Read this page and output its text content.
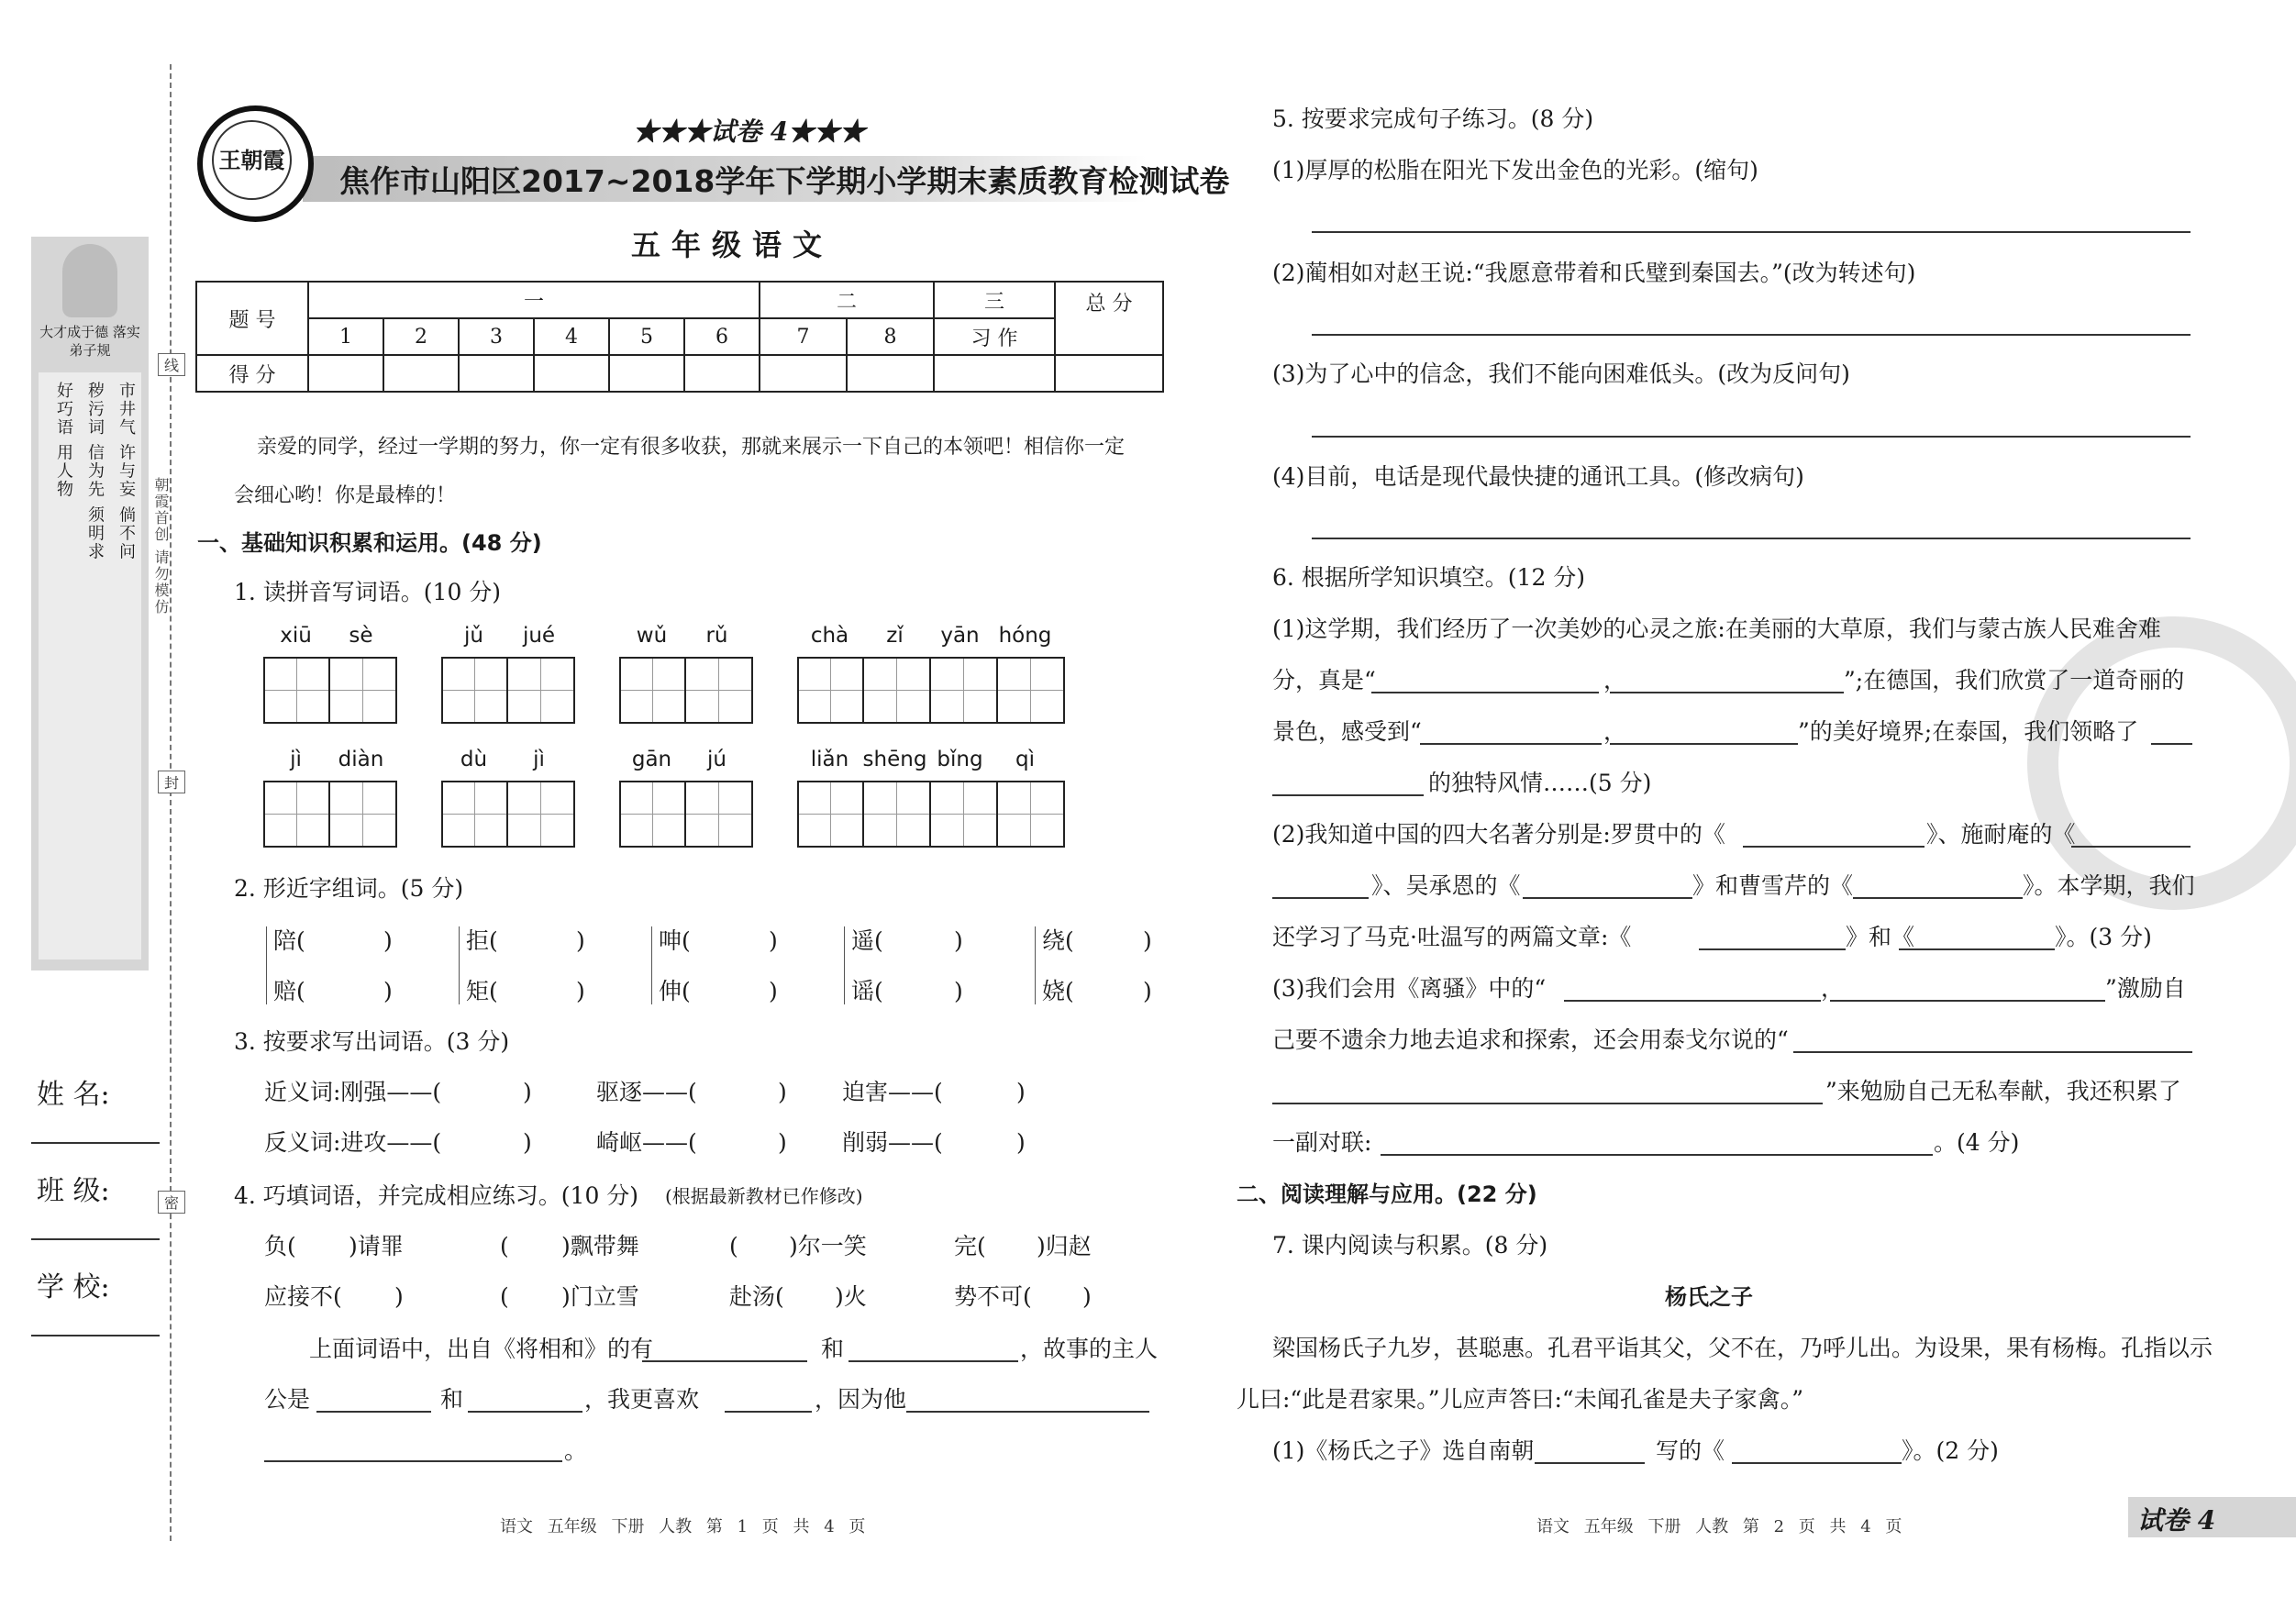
大才成于德 落实弟子规
好巧语 用人物 秽污词 信为先 须明求 市井气 许与妄 倘不问
线
封
密
朝霞首创 请勿模仿
姓 名:
班 级:
学 校:
王朝霞
★★★试卷 4★★★
焦作市山阳区2017~2018学年下学期小学期末素质教育检测试卷
五年级语文
题 号	一						二		三	总 分
	1	2	3	4	5	6	7	8	习 作	
得 分										
亲爱的同学，经过一学期的努力，你一定有很多收获，那就来展示一下自己的本领吧！相信你一定
会细心哟！你是最棒的！
一、基础知识积累和运用。(48 分)
1. 读拼音写词语。(10 分)
xiū	sè	jǔ	jué	wǔ	rǔ	chà	zǐ	yān hóng
jì	diàn	dù	jì	gān	jú	liǎn shēng bǐng	qì
2. 形近字组词。(5 分)
陪(	)	拒(	)	呻(	)	遥(	)	绕(	)
赔(	)	矩(	)	伸(	)	谣(	)	娆(	)
3. 按要求写出词语。(3 分)
近义词:刚强——(	)	驱逐——(	) 迫害——(	)
反义词:进攻——(	)	崎岖——(	) 削弱——(	)
4. 巧填词语，并完成相应练习。(10 分) (根据最新教材已作修改)
负( )请罪	( )飘带舞	( )尔一笑	完( )归赵
应接不( )	( )门立雪	赴汤( )火	势不可( )
上面词语中，出自《将相和》的有	和	，故事的主人
公是	和	，我更喜欢	，因为他
。
语文 五年级 下册 人教 第 1 页 共 4 页
5. 按要求完成句子练习。(8 分)
(1)厚厚的松脂在阳光下发出金色的光彩。(缩句)
(2)蔺相如对赵王说:“我愿意带着和氏璧到秦国去。”(改为转述句)
(3)为了心中的信念，我们不能向困难低头。(改为反问句)
(4)目前，电话是现代最快捷的通讯工具。(修改病句)
6. 根据所学知识填空。(12 分)
(1)这学期，我们经历了一次美妙的心灵之旅:在美丽的大草原，我们与蒙古族人民难舍难
分，真是“	，	”;在德国，我们欣赏了一道奇丽的
景色，感受到“	，	”的美好境界;在泰国，我们领略了
的独特风情……(5 分)
(2)我知道中国的四大名著分别是:罗贯中的《	》、施耐庵的《
》、吴承恩的《	》和曹雪芹的《	》。本学期，我们
还学习了马克·吐温写的两篇文章:《	》和《	》。(3 分)
(3)我们会用《离骚》中的“	，	”激励自
己要不遗余力地去追求和探索，还会用泰戈尔说的“
”来勉励自己无私奉献，我还积累了
一副对联:	。(4 分)
二、阅读理解与应用。(22 分)
7. 课内阅读与积累。(8 分)
杨氏之子
梁国杨氏子九岁，甚聪惠。孔君平诣其父，父不在，乃呼儿出。为设果，果有杨梅。孔指以示
儿曰:“此是君家果。”儿应声答曰:“未闻孔雀是夫子家禽。”
(1)《杨氏之子》选自南朝	写的《	》。(2 分)
语文 五年级 下册 人教 第 2 页 共 4 页	试卷 4
